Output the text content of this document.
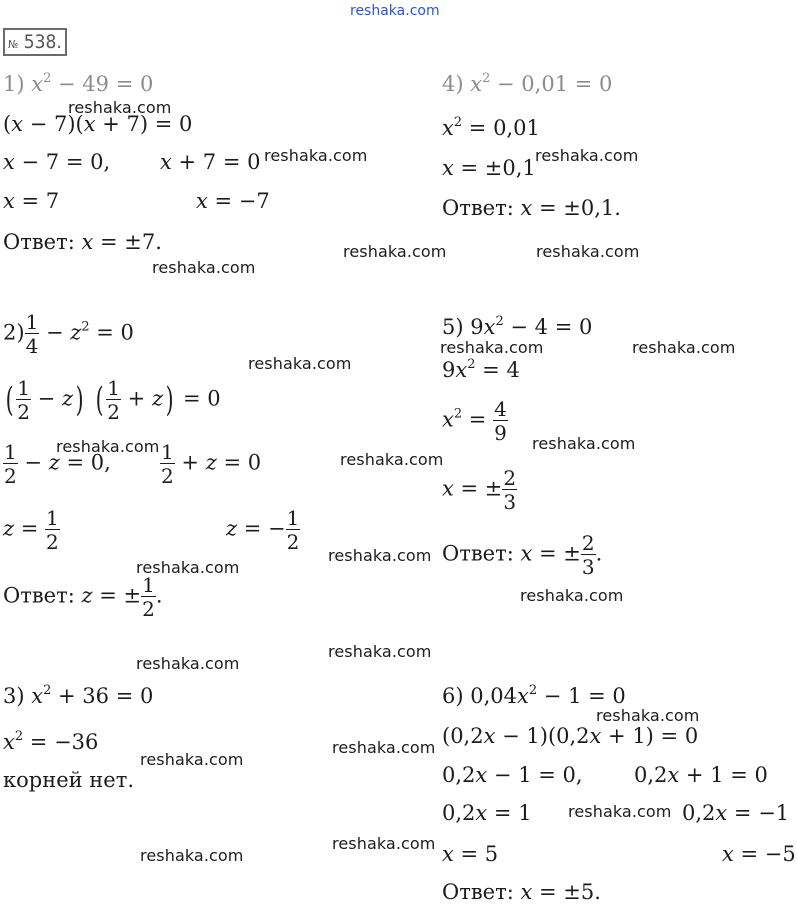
reshaka.com
№ 538.
1) $x^2 - 49 = 0$
(x − 7)(x + 7) = 0
x − 7 = 0, x + 7 = 0
x = 7	x = −7
Ответ: x = ±7.
$2) \frac{1}{4} - z^2 = 0$
( $\frac{1}{2} - z$) ( $\frac{1}{2} + z) = 0$
$\frac{1}{2} - z = 0$, $\frac{1}{2} + z = 0$
$z = \frac{1}{2}$	z = − $\frac{1}{2}$
Ответ: z = ± $\frac{1}{2}$ .
3) $x^2 + 36 = 0$
$x^2 = -36$
корней нет.
4) $x^2 - 0,01 = 0$
$x^2 = 0,01$
x = ±0,1
Ответ: x = ±0,1.
5) $9x^2 - 4 = 0$
$9x^2 = 4$
$x^2 = \frac{4}{9}$
x = ± $\frac{2}{3}$
Ответ: x = ± $\frac{2}{3}$ .
6) $0,04x^2 - 1 = 0$
(0,2x − 1)(0,2x + 1) = 0
0,2x − 1 = 0, 0,2x + 1 = 0
0,2x = 1	0,2x = −1
x = 5	x = −5
Ответ: x = ±5.
reshaka.com
reshaka.com	reshaka.com
reshaka.com
reshaka.com	reshaka.com
reshaka.com	reshaka.com
reshaka.com
reshaka.com	reshaka.com
reshaka.com
reshaka.com
reshaka.com
reshaka.com
reshaka.com
reshaka.com
reshaka.com
reshaka.com
reshaka.com
reshaka.com
reshaka.com
reshaka.com
